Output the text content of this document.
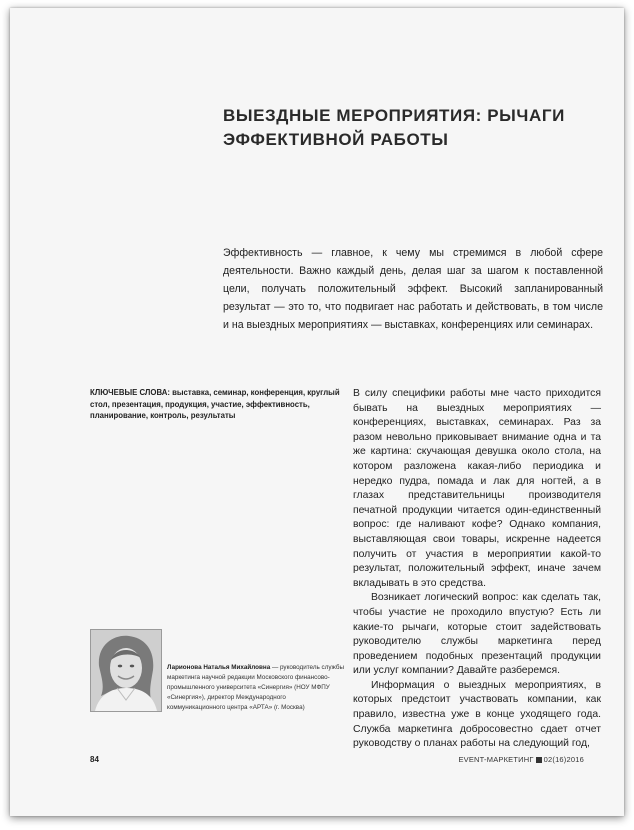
ВЫЕЗДНЫЕ МЕРОПРИЯТИЯ: РЫЧАГИ
ЭФФЕКТИВНОЙ РАБОТЫ

Эффективность — главное, к чему мы стремимся в любой сфере деятельности. Важно каждый день, делая шаг за шагом к поставленной цели, получать положительный эффект. Высокий запланированный результат — это то, что подвигает нас работать и действовать, в том числе и на выездных мероприятиях — выставках, конференциях или семинарах.

КЛЮЧЕВЫЕ СЛОВА: выставка, семинар, конференция, круглый стол, презентация, продукция, участие, эффективность, планирование, контроль, результаты

В силу специфики работы мне часто приходится бывать на выездных мероприятиях — конференциях, выставках, семинарах. Раз за разом невольно приковывает внимание одна и та же картина: скучающая девушка около стола, на котором разложена какая-либо периодика и нередко пудра, помада и лак для ногтей, а в глазах представительницы производителя печатной продукции читается один-единственный вопрос: где наливают кофе? Однако компания, выставляющая свои товары, искренне надеется получить от участия в мероприятии какой-то результат, положительный эффект, иначе зачем вкладывать в это средства.

Возникает логический вопрос: как сделать так, чтобы участие не проходило впустую? Есть ли какие-то рычаги, которые стоит задействовать руководителю службы маркетинга перед проведением подобных презентаций продукции или услуг компании? Давайте разберемся.

Информация о выездных мероприятиях, в которых предстоит участвовать компании, как правило, известна уже в конце уходящего года. Служба маркетинга добросовестно сдает отчет руководству о планах работы на следующий год,

Ларионова Наталья Михайловна — руководитель службы маркетинга научной редакции Московского финансово-промышленного университета «Синергия» (НОУ МФПУ «Синергия»), директор Международного коммуникационного центра «АРТА» (г. Москва)

84	EVENT-МАРКЕТИНГ 02(16)2016
